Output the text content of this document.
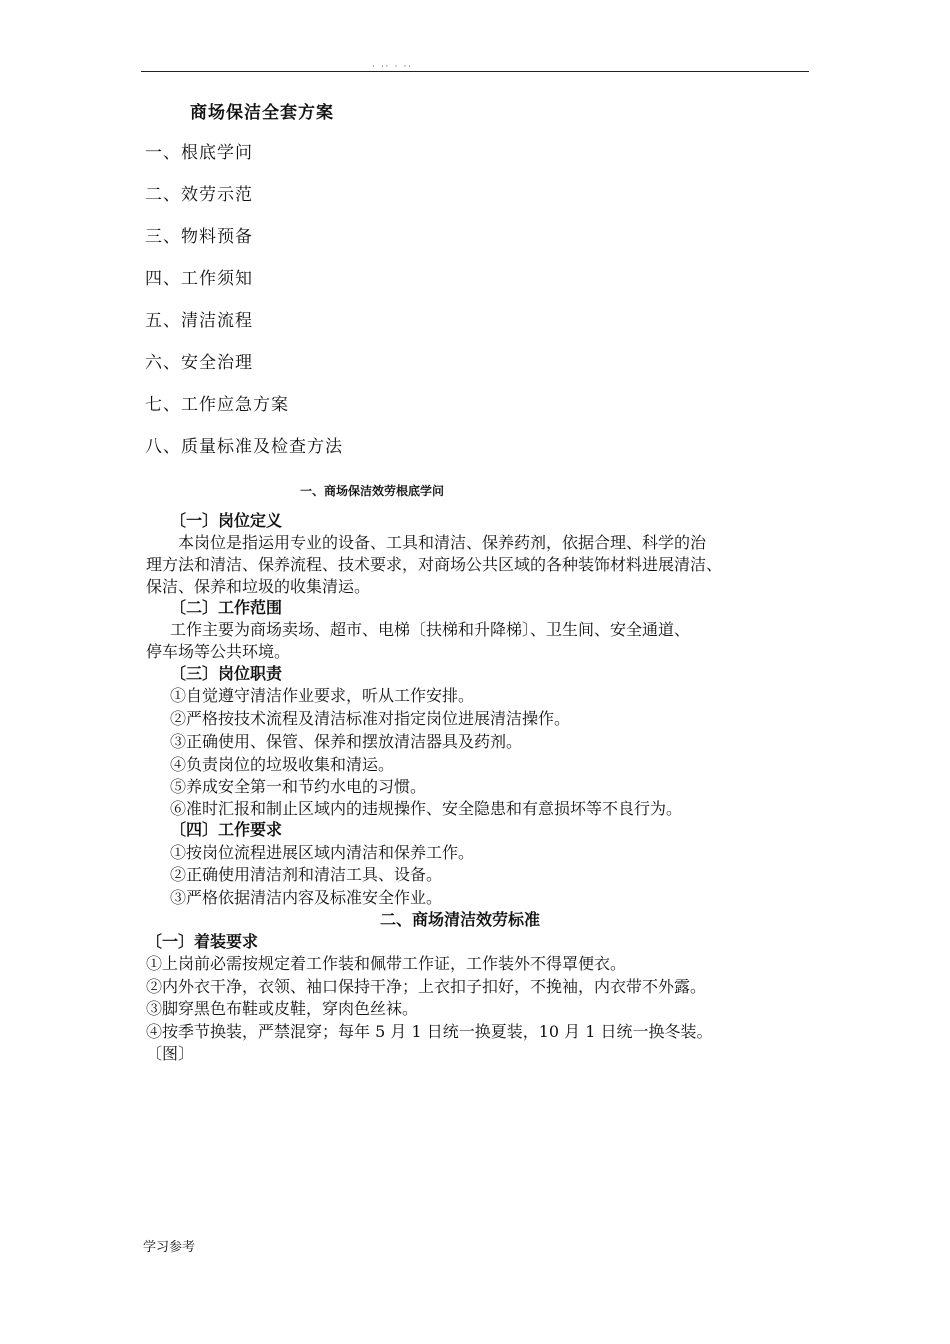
· ·· · ··
商场保洁全套方案
一、根底学问
二、效劳示范
三、物料预备
四、工作须知
五、清洁流程
六、安全治理
七、工作应急方案
八、质量标准及检查方法
一、商场保洁效劳根底学问
〔一〕岗位定义
本岗位是指运用专业的设备、工具和清洁、保养药剂，依据合理、科学的治
理方法和清洁、保养流程、技术要求，对商场公共区域的各种装饰材料进展清洁、
保洁、保养和垃圾的收集清运。
〔二〕工作范围
工作主要为商场卖场、超市、电梯〔扶梯和升降梯〕、卫生间、安全通道、
停车场等公共环境。
〔三〕岗位职责
①自觉遵守清洁作业要求，听从工作安排。
②严格按技术流程及清洁标准对指定岗位进展清洁操作。
③正确使用、保管、保养和摆放清洁器具及药剂。
④负责岗位的垃圾收集和清运。
⑤养成安全第一和节约水电的习惯。
⑥准时汇报和制止区域内的违规操作、安全隐患和有意损坏等不良行为。
〔四〕工作要求
①按岗位流程进展区域内清洁和保养工作。
②正确使用清洁剂和清洁工具、设备。
③严格依据清洁内容及标准安全作业。
二、商场清洁效劳标准
〔一〕着装要求
①上岗前必需按规定着工作装和佩带工作证，工作装外不得罩便衣。
②内外衣干净，衣领、袖口保持干净；上衣扣子扣好，不挽袖，内衣带不外露。
③脚穿黑色布鞋或皮鞋，穿肉色丝袜。
④按季节换装，严禁混穿；每年 5 月 1 日统一换夏装，10 月 1 日统一换冬装。
〔图〕
学习参考
